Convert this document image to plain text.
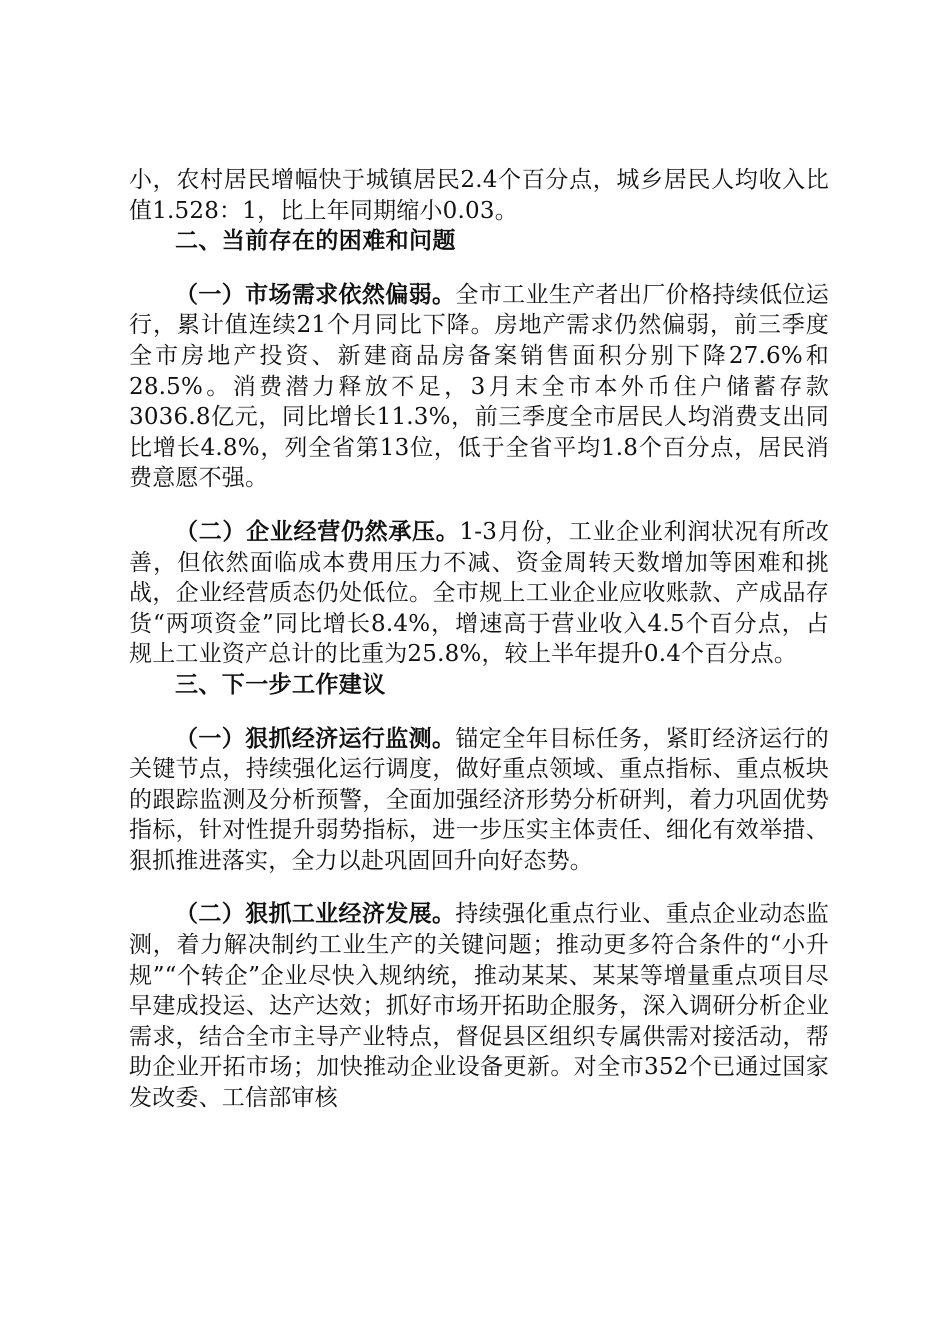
小，农村居民增幅快于城镇居民2.4个百分点，城乡居民人均收入比值1.528：1，比上年同期缩小0.03。

二、当前存在的困难和问题

（一）市场需求依然偏弱。全市工业生产者出厂价格持续低位运行，累计值连续21个月同比下降。房地产需求仍然偏弱，前三季度全市房地产投资、新建商品房备案销售面积分别下降27.6%和28.5%。消费潜力释放不足，3月末全市本外币住户储蓄存款3036.8亿元，同比增长11.3%，前三季度全市居民人均消费支出同比增长4.8%，列全省第13位，低于全省平均1.8个百分点，居民消费意愿不强。

（二）企业经营仍然承压。1-3月份，工业企业利润状况有所改善，但依然面临成本费用压力不减、资金周转天数增加等困难和挑战，企业经营质态仍处低位。全市规上工业企业应收账款、产成品存货“两项资金”同比增长8.4%，增速高于营业收入4.5个百分点，占规上工业资产总计的比重为25.8%，较上半年提升0.4个百分点。

三、下一步工作建议

（一）狠抓经济运行监测。锚定全年目标任务，紧盯经济运行的关键节点，持续强化运行调度，做好重点领域、重点指标、重点板块的跟踪监测及分析预警，全面加强经济形势分析研判，着力巩固优势指标，针对性提升弱势指标，进一步压实主体责任、细化有效举措、狠抓推进落实，全力以赴巩固回升向好态势。

（二）狠抓工业经济发展。持续强化重点行业、重点企业动态监测，着力解决制约工业生产的关键问题；推动更多符合条件的“小升规”“个转企”企业尽快入规纳统，推动某某、某某等增量重点项目尽早建成投运、达产达效；抓好市场开拓助企服务，深入调研分析企业需求，结合全市主导产业特点，督促县区组织专属供需对接活动，帮助企业开拓市场；加快推动企业设备更新。对全市352个已通过国家发改委、工信部审核
